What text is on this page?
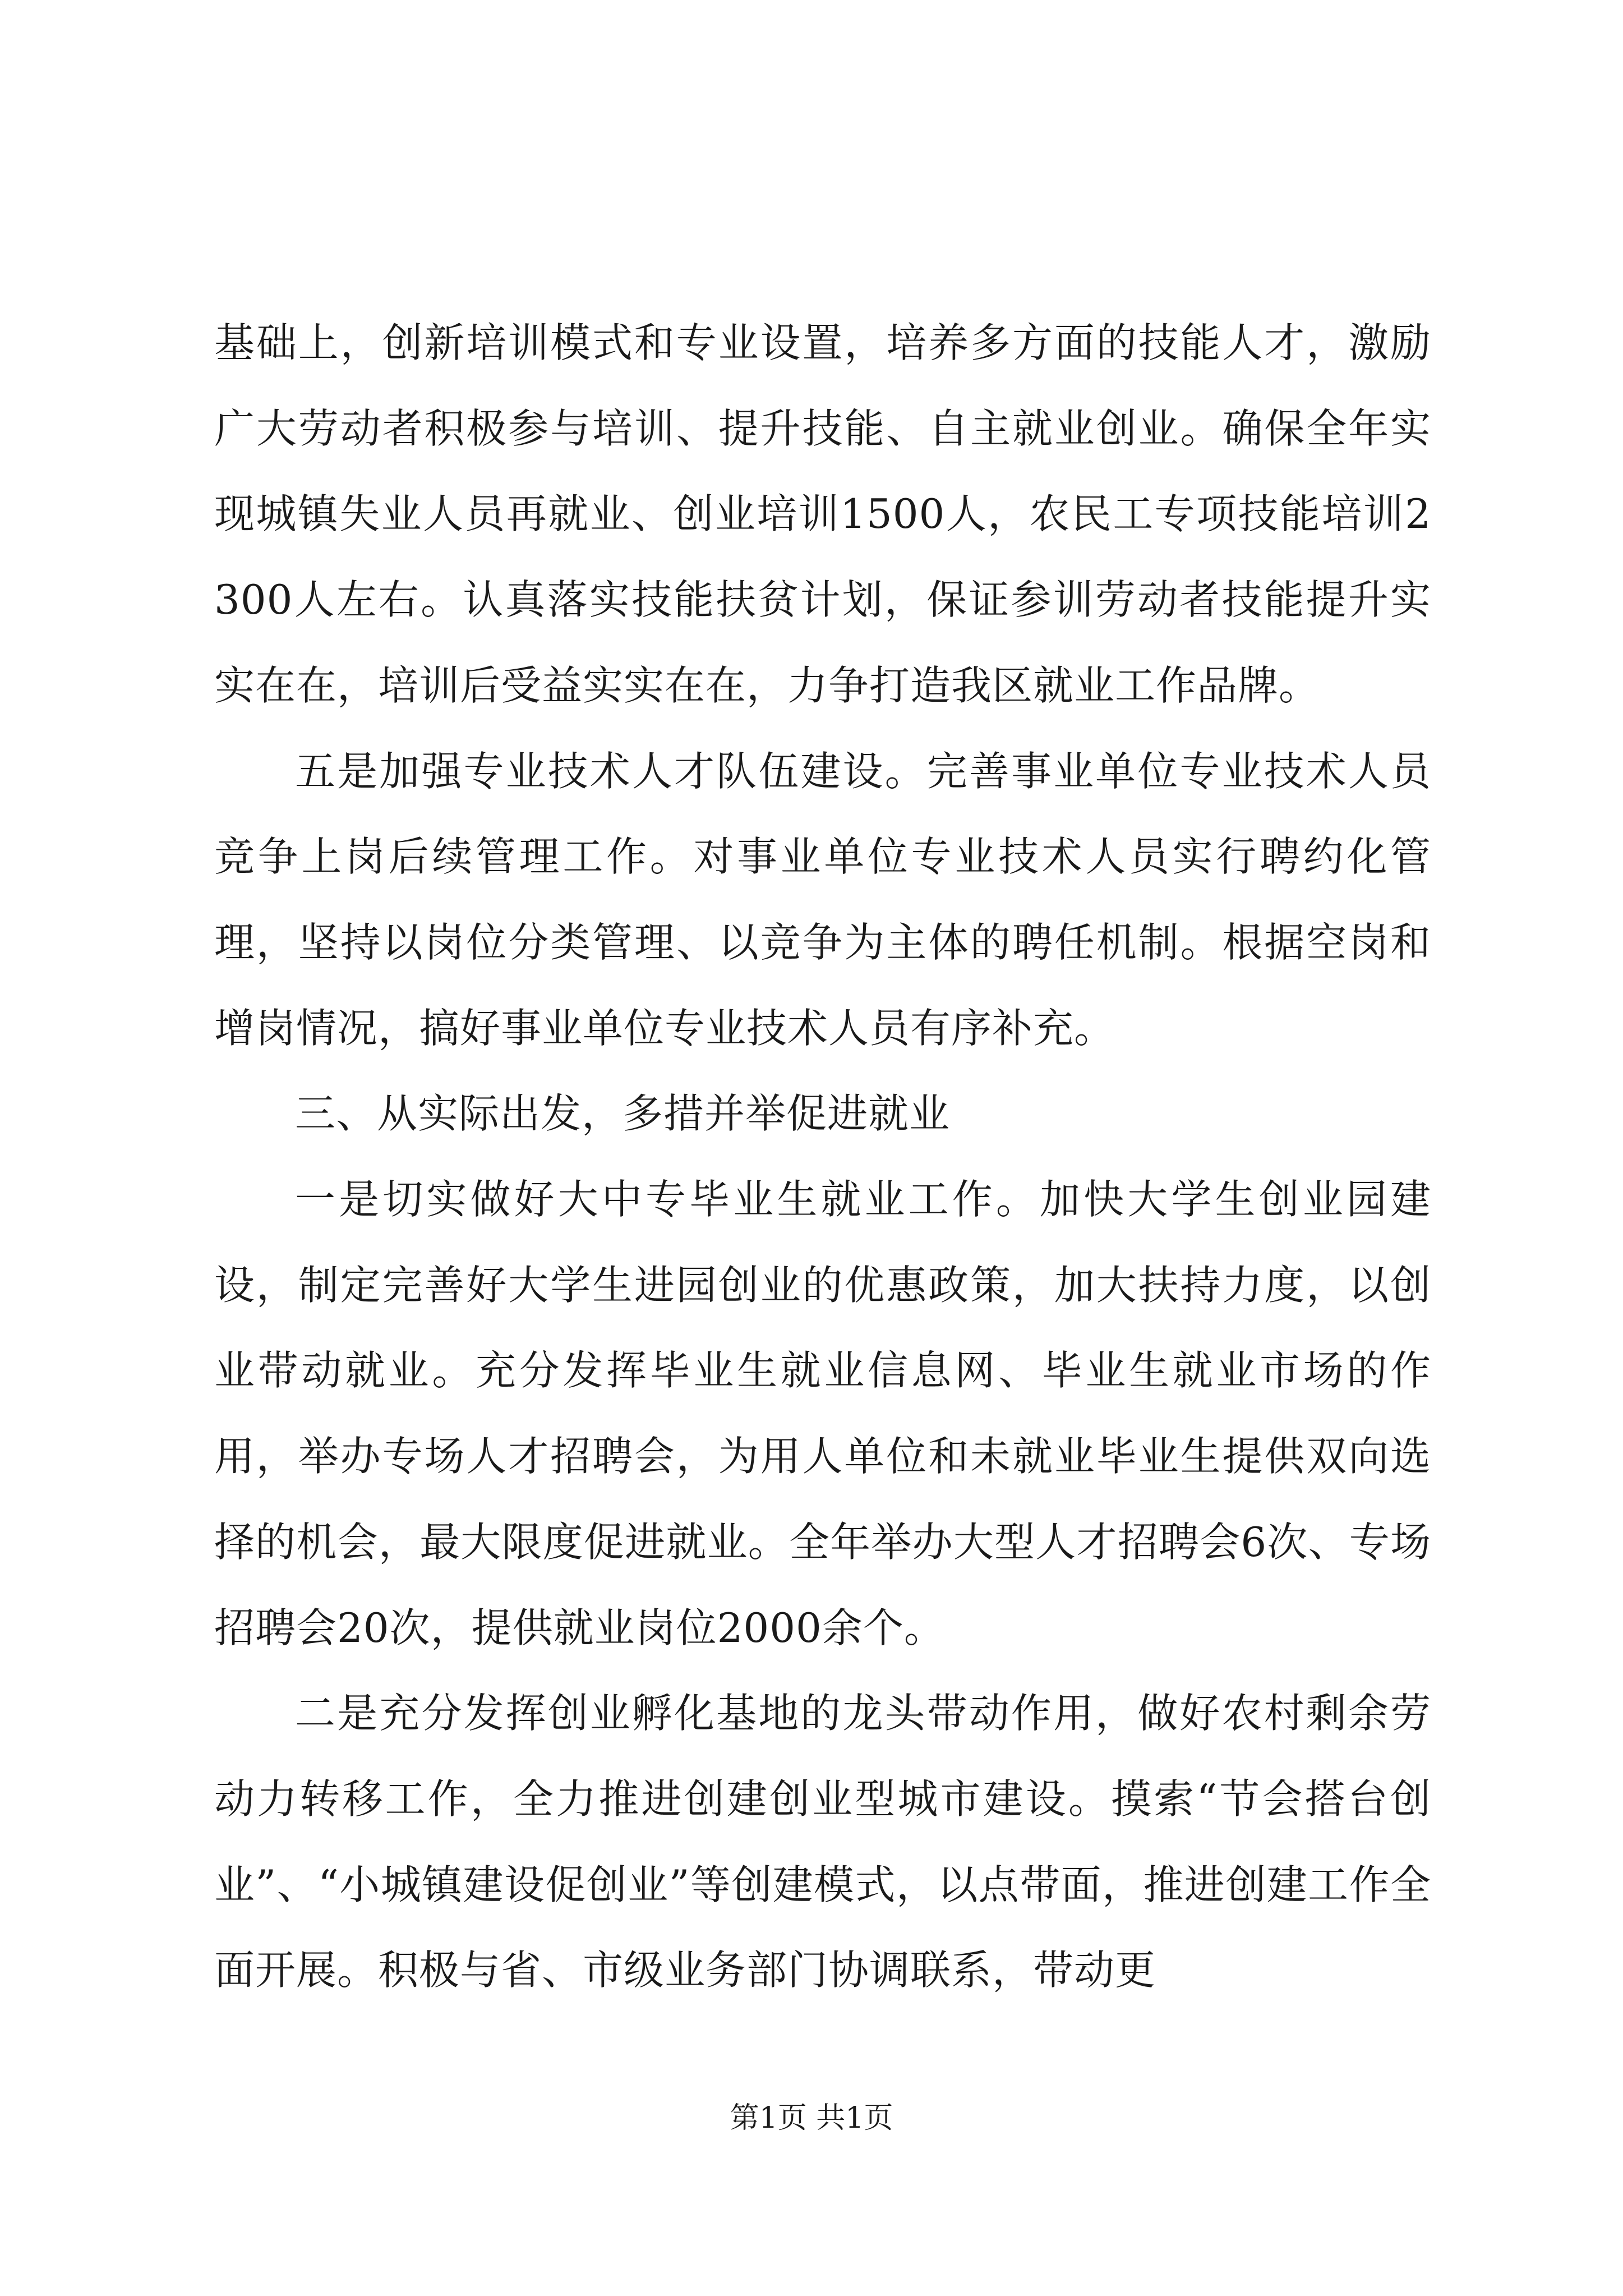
基础上，创新培训模式和专业设置，培养多方面的技能人才，激励广大劳动者积极参与培训、提升技能、自主就业创业。确保全年实现城镇失业人员再就业、创业培训1500人，农民工专项技能培训2300人左右。认真落实技能扶贫计划，保证参训劳动者技能提升实实在在，培训后受益实实在在，力争打造我区就业工作品牌。

五是加强专业技术人才队伍建设。完善事业单位专业技术人员竞争上岗后续管理工作。对事业单位专业技术人员实行聘约化管理，坚持以岗位分类管理、以竞争为主体的聘任机制。根据空岗和增岗情况，搞好事业单位专业技术人员有序补充。

三、从实际出发，多措并举促进就业

一是切实做好大中专毕业生就业工作。加快大学生创业园建设，制定完善好大学生进园创业的优惠政策，加大扶持力度，以创业带动就业。充分发挥毕业生就业信息网、毕业生就业市场的作用，举办专场人才招聘会，为用人单位和未就业毕业生提供双向选择的机会，最大限度促进就业。全年举办大型人才招聘会6次、专场招聘会20次，提供就业岗位2000余个。

二是充分发挥创业孵化基地的龙头带动作用，做好农村剩余劳动力转移工作，全力推进创建创业型城市建设。摸索“节会搭台创业”、“小城镇建设促创业”等创建模式，以点带面，推进创建工作全面开展。积极与省、市级业务部门协调联系，带动更

第1页 共1页
